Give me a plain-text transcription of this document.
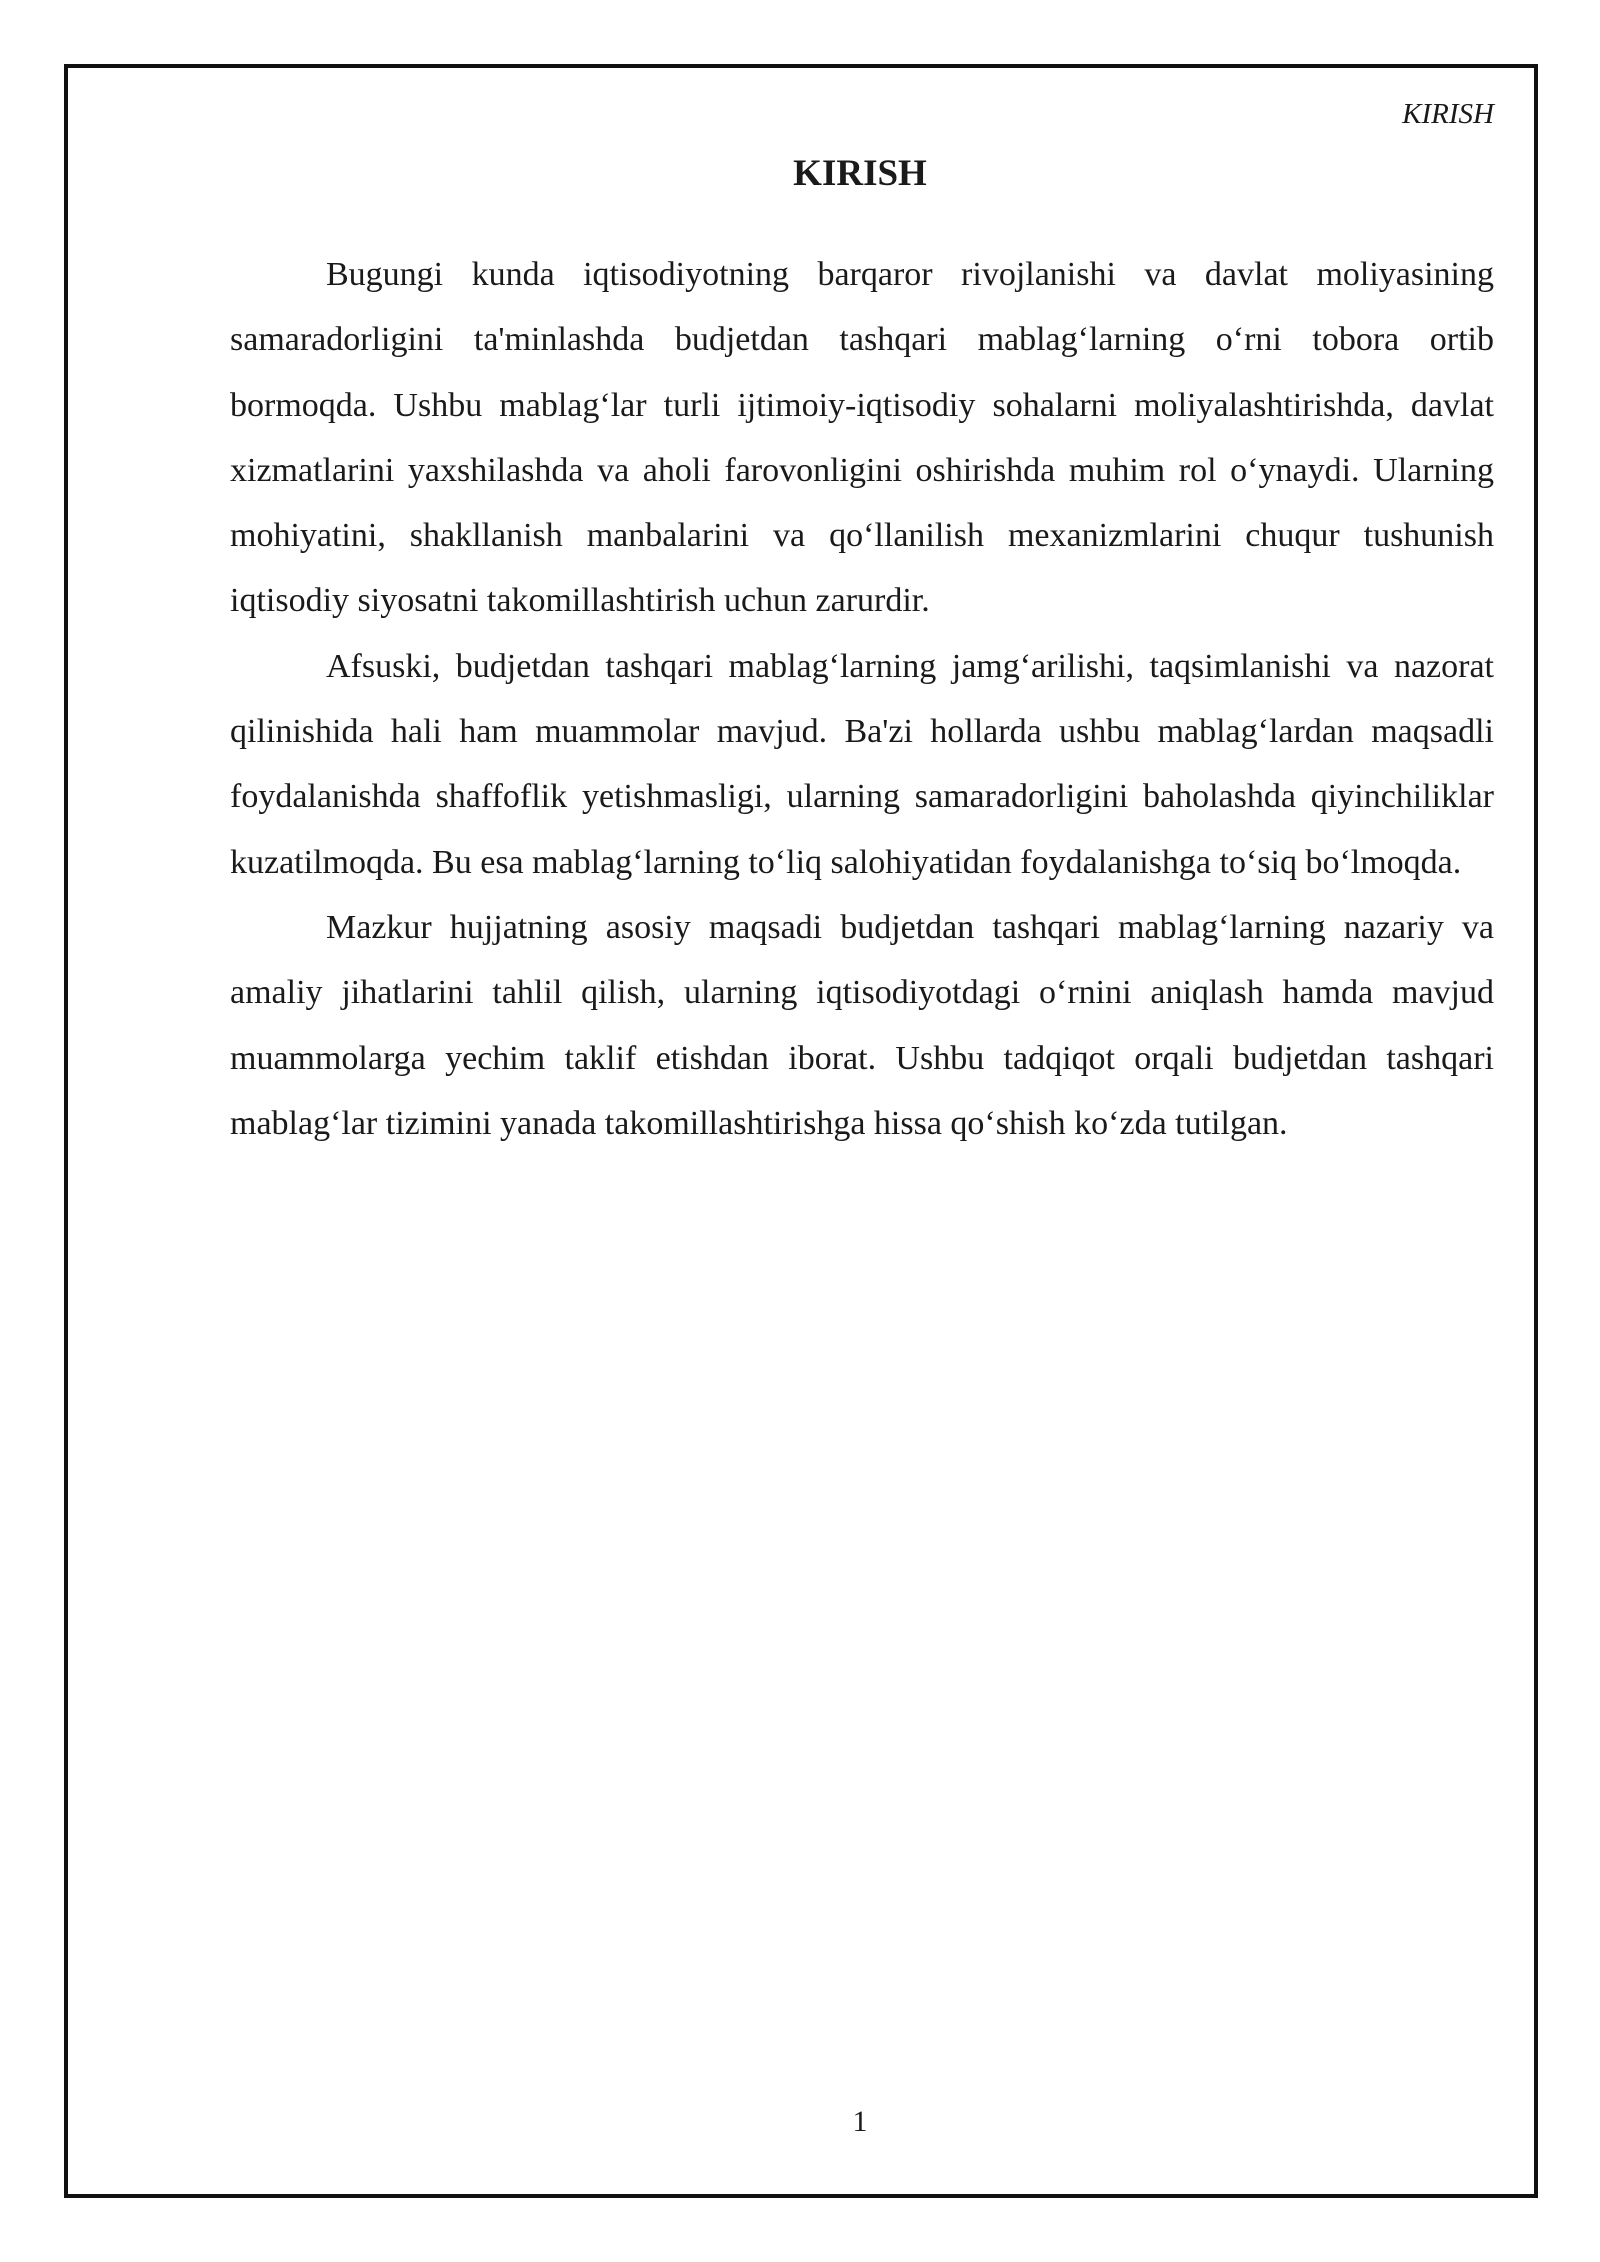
KIRISH

KIRISH

Bugungi kunda iqtisodiyotning barqaror rivojlanishi va davlat moliyasining samaradorligini ta'minlashda budjetdan tashqari mablag‘larning o‘rni tobora ortib bormoqda. Ushbu mablag‘lar turli ijtimoiy-iqtisodiy sohalarni moliyalashtirishda, davlat xizmatlarini yaxshilashda va aholi farovonligini oshirishda muhim rol o‘ynaydi. Ularning mohiyatini, shakllanish manbalarini va qo‘llanilish mexanizmlarini chuqur tushunish iqtisodiy siyosatni takomillashtirish uchun zarurdir.

Afsuski, budjetdan tashqari mablag‘larning jamg‘arilishi, taqsimlanishi va nazorat qilinishida hali ham muammolar mavjud. Ba'zi hollarda ushbu mablag‘lardan maqsadli foydalanishda shaffoflik yetishmasligi, ularning samaradorligini baholashda qiyinchiliklar kuzatilmoqda. Bu esa mablag‘larning to‘liq salohiyatidan foydalanishga to‘siq bo‘lmoqda.

Mazkur hujjatning asosiy maqsadi budjetdan tashqari mablag‘larning nazariy va amaliy jihatlarini tahlil qilish, ularning iqtisodiyotdagi o‘rnini aniqlash hamda mavjud muammolarga yechim taklif etishdan iborat. Ushbu tadqiqot orqali budjetdan tashqari mablag‘lar tizimini yanada takomillashtirishga hissa qo‘shish ko‘zda tutilgan.

1
